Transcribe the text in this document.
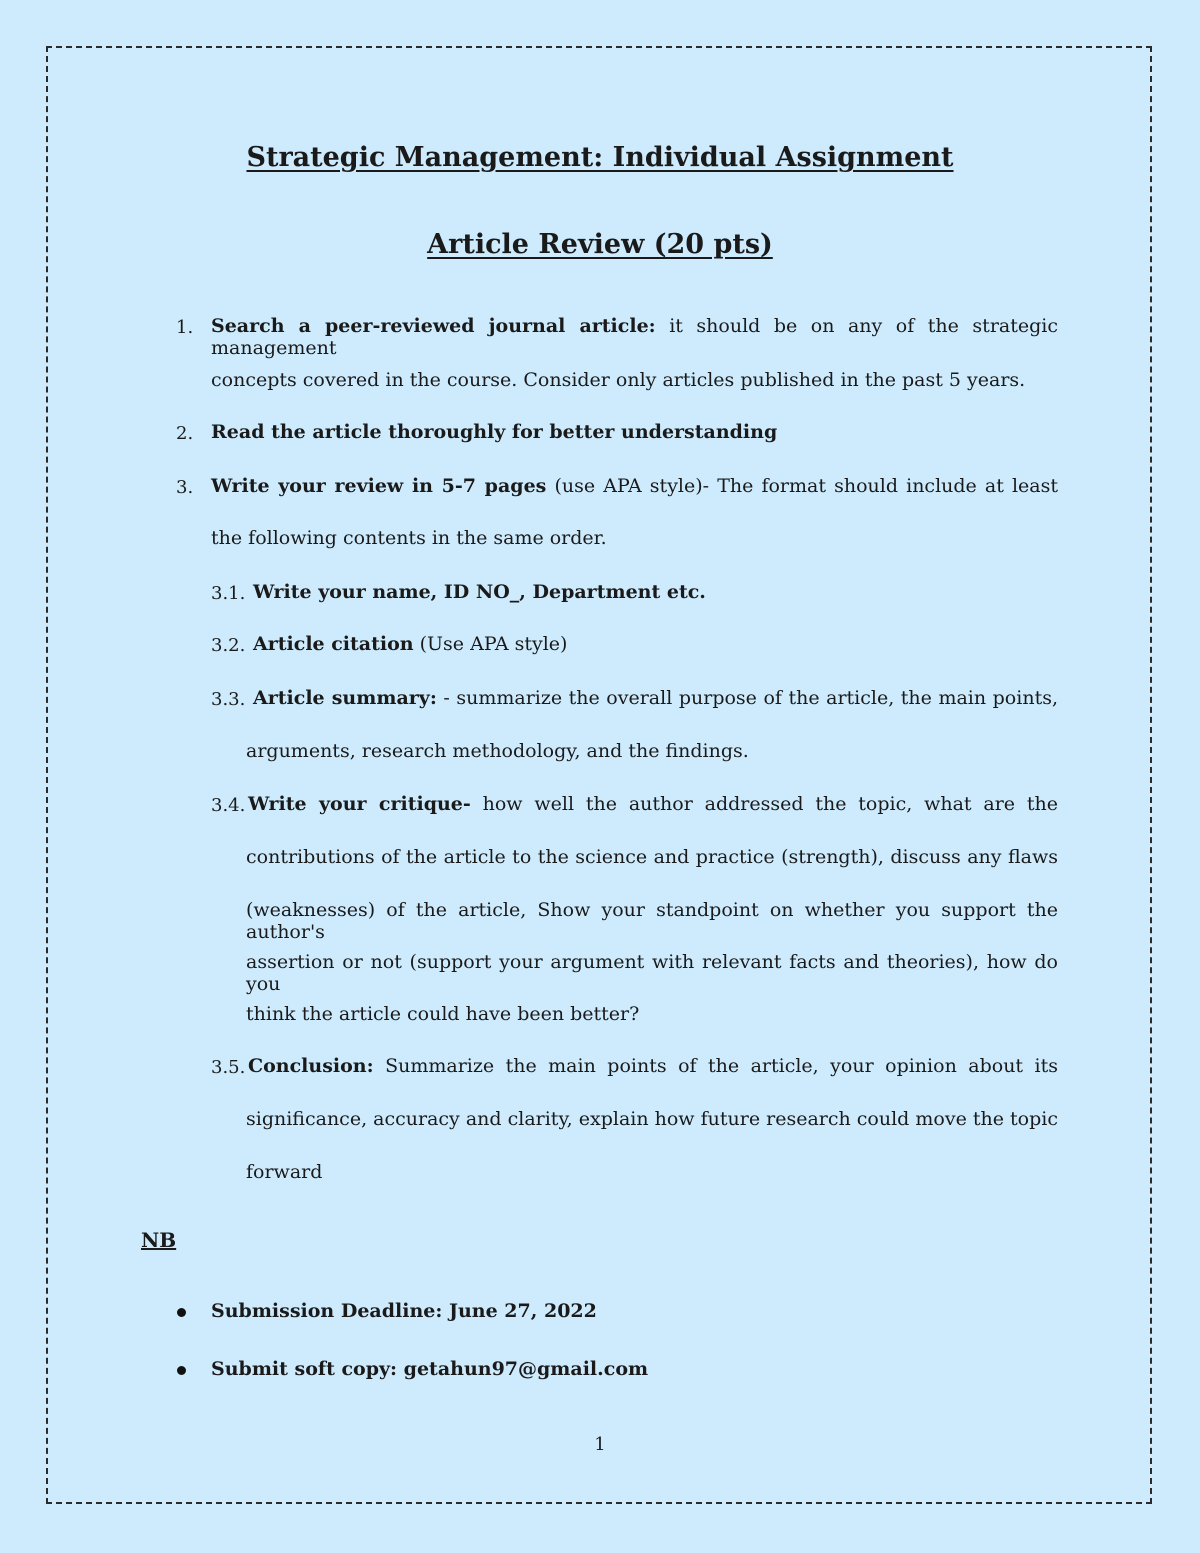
Strategic Management: Individual Assignment
Article Review (20 pts)
1. Search a peer-reviewed journal article: it should be on any of the strategic management
concepts covered in the course. Consider only articles published in the past 5 years.
2. Read the article thoroughly for better understanding
3. Write your review in 5-7 pages (use APA style)- The format should include at least
the following contents in the same order.
3.1. Write your name, ID NO_, Department etc.
3.2. Article citation (Use APA style)
3.3. Article summary: - summarize the overall purpose of the article, the main points,
arguments, research methodology, and the findings.
3.4. Write your critique- how well the author addressed the topic, what are the
contributions of the article to the science and practice (strength), discuss any flaws
(weaknesses) of the article, Show your standpoint on whether you support the author's
assertion or not (support your argument with relevant facts and theories), how do you
think the article could have been better?
3.5. Conclusion: Summarize the main points of the article, your opinion about its
significance, accuracy and clarity, explain how future research could move the topic
forward
NB
Submission Deadline: June 27, 2022
Submit soft copy: getahun97@gmail.com
1
